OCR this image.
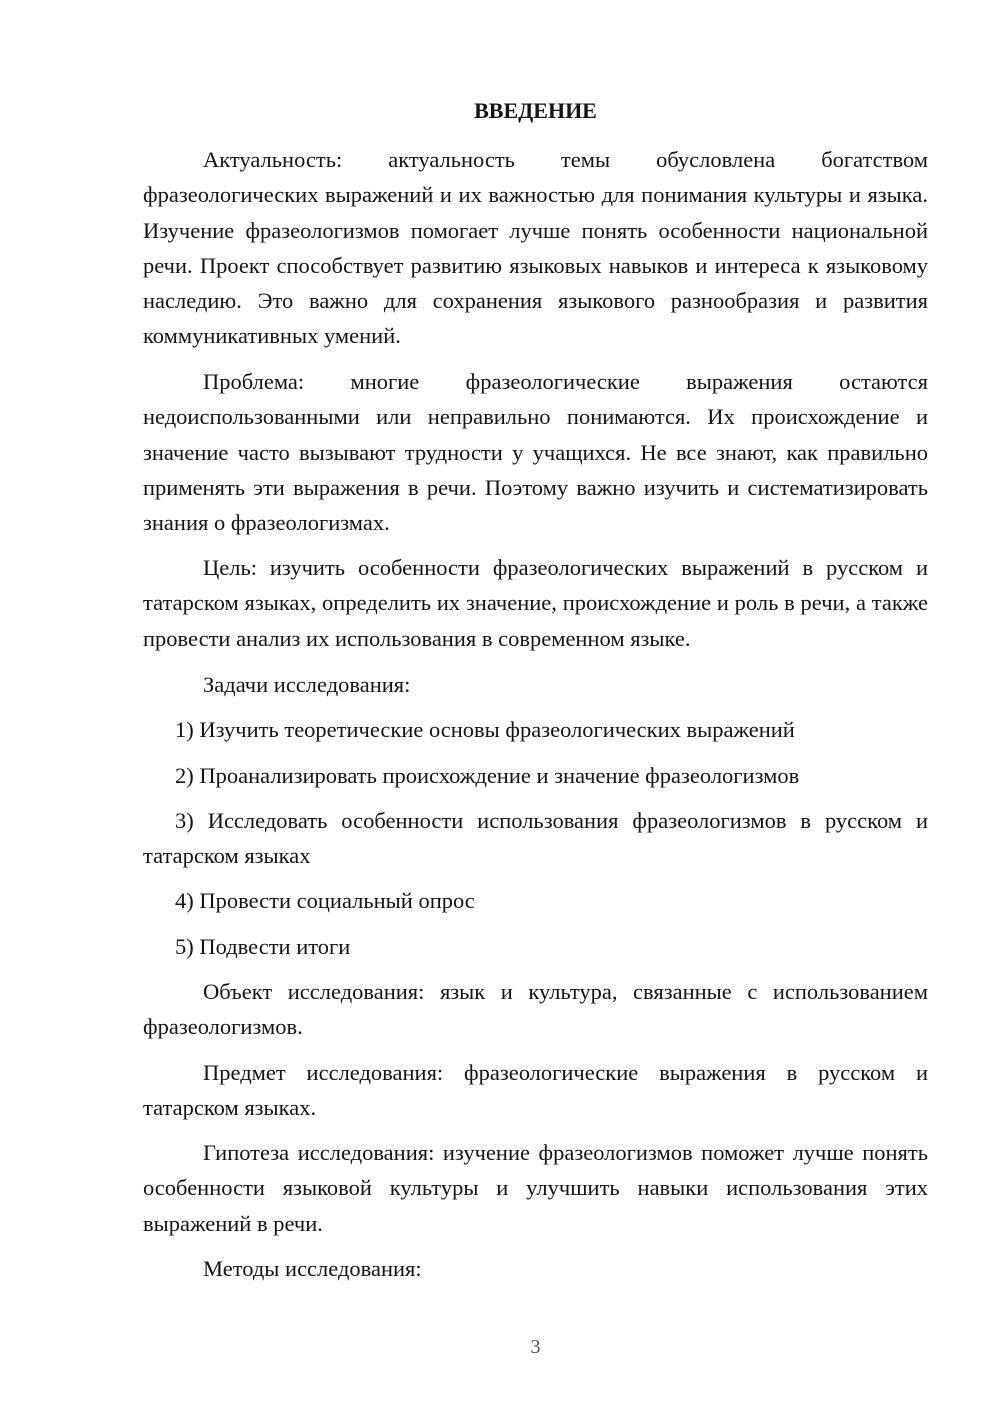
ВВЕДЕНИЕ

Актуальность: актуальность темы обусловлена богатством фразеологических выражений и их важностью для понимания культуры и языка. Изучение фразеологизмов помогает лучше понять особенности национальной речи. Проект способствует развитию языковых навыков и интереса к языковому наследию. Это важно для сохранения языкового разнообразия и развития коммуникативных умений.

Проблема: многие фразеологические выражения остаются недоиспользованными или неправильно понимаются. Их происхождение и значение часто вызывают трудности у учащихся. Не все знают, как правильно применять эти выражения в речи. Поэтому важно изучить и систематизировать знания о фразеологизмах.

Цель: изучить особенности фразеологических выражений в русском и татарском языках, определить их значение, происхождение и роль в речи, а также провести анализ их использования в современном языке.

Задачи исследования:

1) Изучить теоретические основы фразеологических выражений

2) Проанализировать происхождение и значение фразеологизмов

3) Исследовать особенности использования фразеологизмов в русском и татарском языках

4) Провести социальный опрос

5) Подвести итоги

Объект исследования: язык и культура, связанные с использованием фразеологизмов.

Предмет исследования: фразеологические выражения в русском и татарском языках.

Гипотеза исследования: изучение фразеологизмов поможет лучше понять особенности языковой культуры и улучшить навыки использования этих выражений в речи.

Методы исследования:

3
